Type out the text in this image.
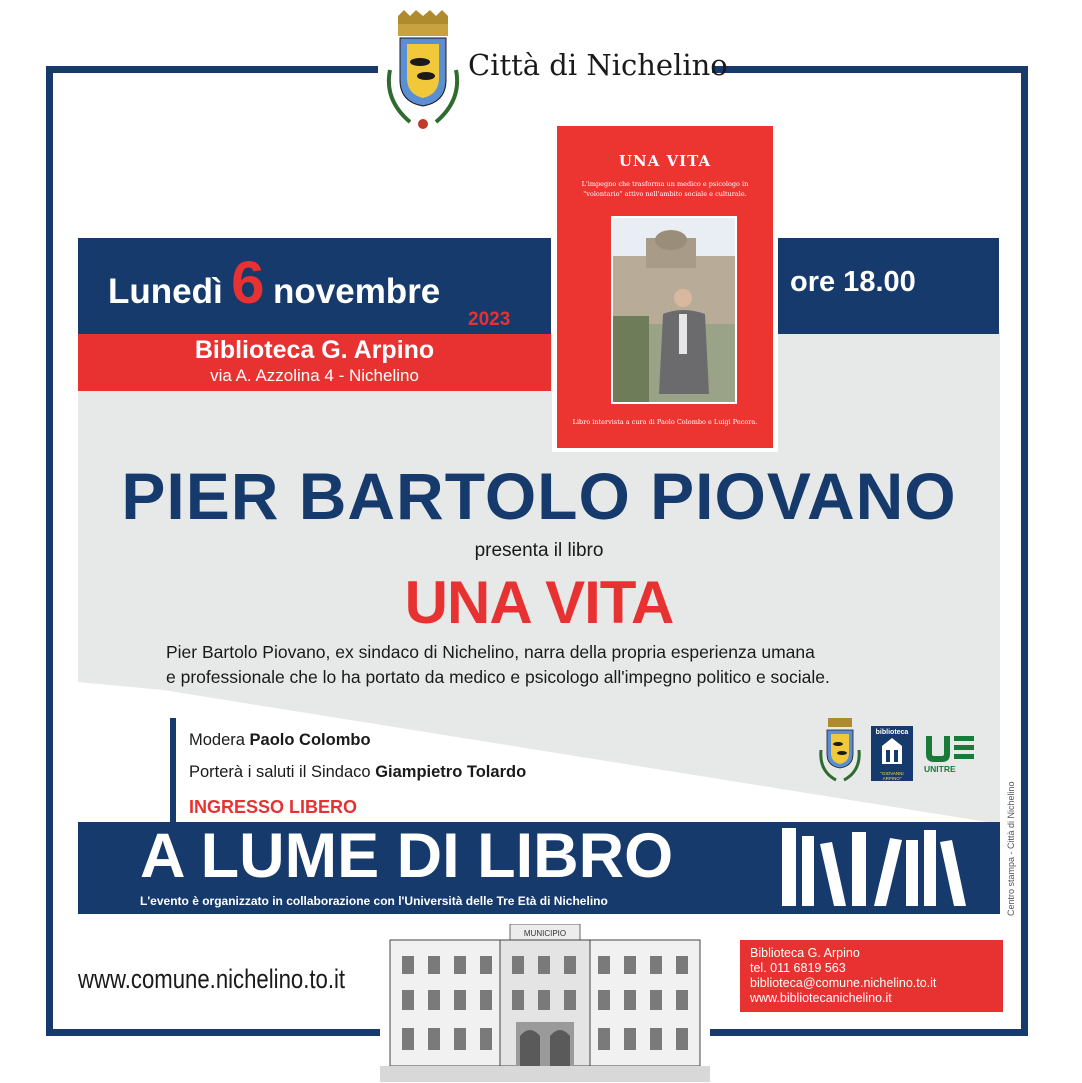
Città di Nichelino
Lunedì 6 novembre
2023
Biblioteca G. Arpino
via A. Azzolina 4 - Nichelino
ore 18.00
UNA VITA
L'impegno che trasforma un medico e psicologo in "volontario" attivo nell'ambito sociale e culturale.
Libro intervista a cura di Paolo Colombo e Luigi Pecora.
PIER BARTOLO PIOVANO
presenta il libro
UNA VITA
Pier Bartolo Piovano, ex sindaco di Nichelino, narra della propria esperienza umana
e professionale che lo ha portato da medico e psicologo all'impegno politico e sociale.
Modera Paolo Colombo
Porterà i saluti il Sindaco Giampietro Tolardo
INGRESSO LIBERO
biblioteca
"GIOVANNI ARPINO"
UNITRE
Centro stampa - Città di Nichelino
A LUME DI LIBRO
L'evento è organizzato in collaborazione con l'Università delle Tre Età di Nichelino
www.comune.nichelino.to.it
MUNICIPIO
Biblioteca G. Arpino
tel. 011 6819 563
biblioteca@comune.nichelino.to.it
www.bibliotecanichelino.it
